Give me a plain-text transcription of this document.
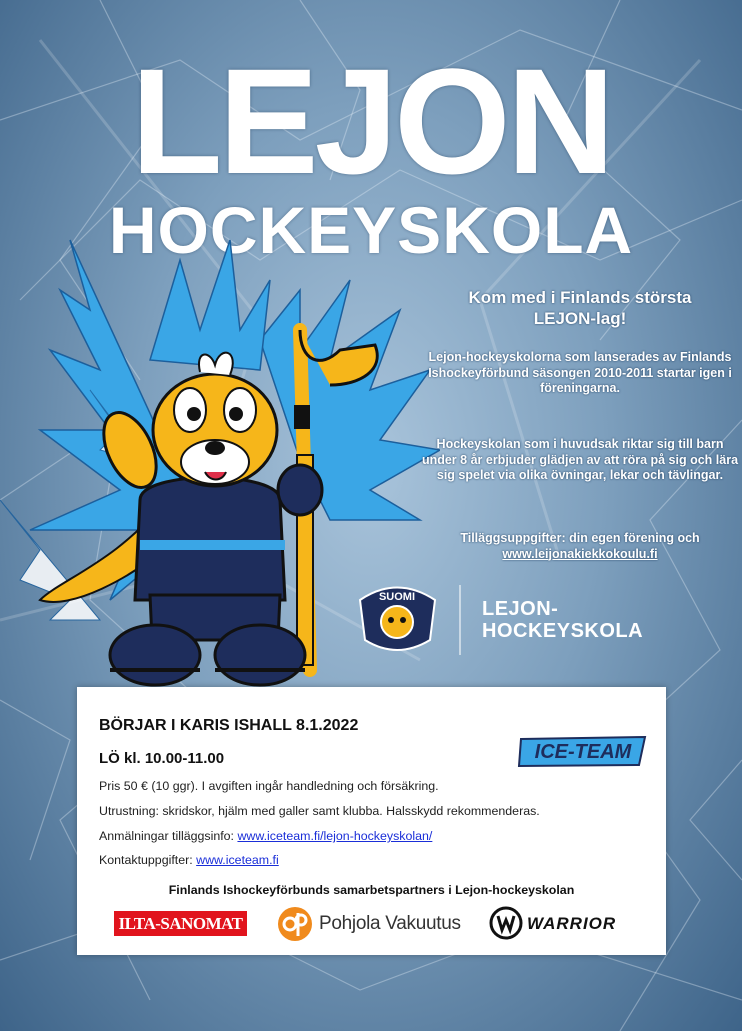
LEJON
HOCKEYSKOLA

Kom med i Finlands största LEJON-lag!

Lejon-hockeyskolorna som lanserades av Finlands Ishockeyförbund säsongen 2010-2011 startar igen i föreningarna.

Hockeyskolan som i huvudsak riktar sig till barn under 8 år erbjuder glädjen av att röra på sig och lära sig spelet via olika övningar, lekar och tävlingar.

Tilläggsuppgifter: din egen förening och
www.leijonakiekkokoulu.fi

SUOMI
LEJON-
HOCKEYSKOLA
BÖRJAR I KARIS ISHALL 8.1.2022
LÖ kl. 10.00-11.00
Pris 50 € (10 ggr). I avgiften ingår handledning och försäkring.
Utrustning: skridskor, hjälm med galler samt klubba. Halsskydd rekommenderas.
Anmälningar tilläggsinfo: www.iceteam.fi/lejon-hockeyskolan/
Kontaktuppgifter: www.iceteam.fi
ICE-TEAM
Finlands Ishockeyförbunds samarbetspartners i Lejon-hockeyskolan
ILTA-SANOMAT	Pohjola Vakuutus	WARRIOR
